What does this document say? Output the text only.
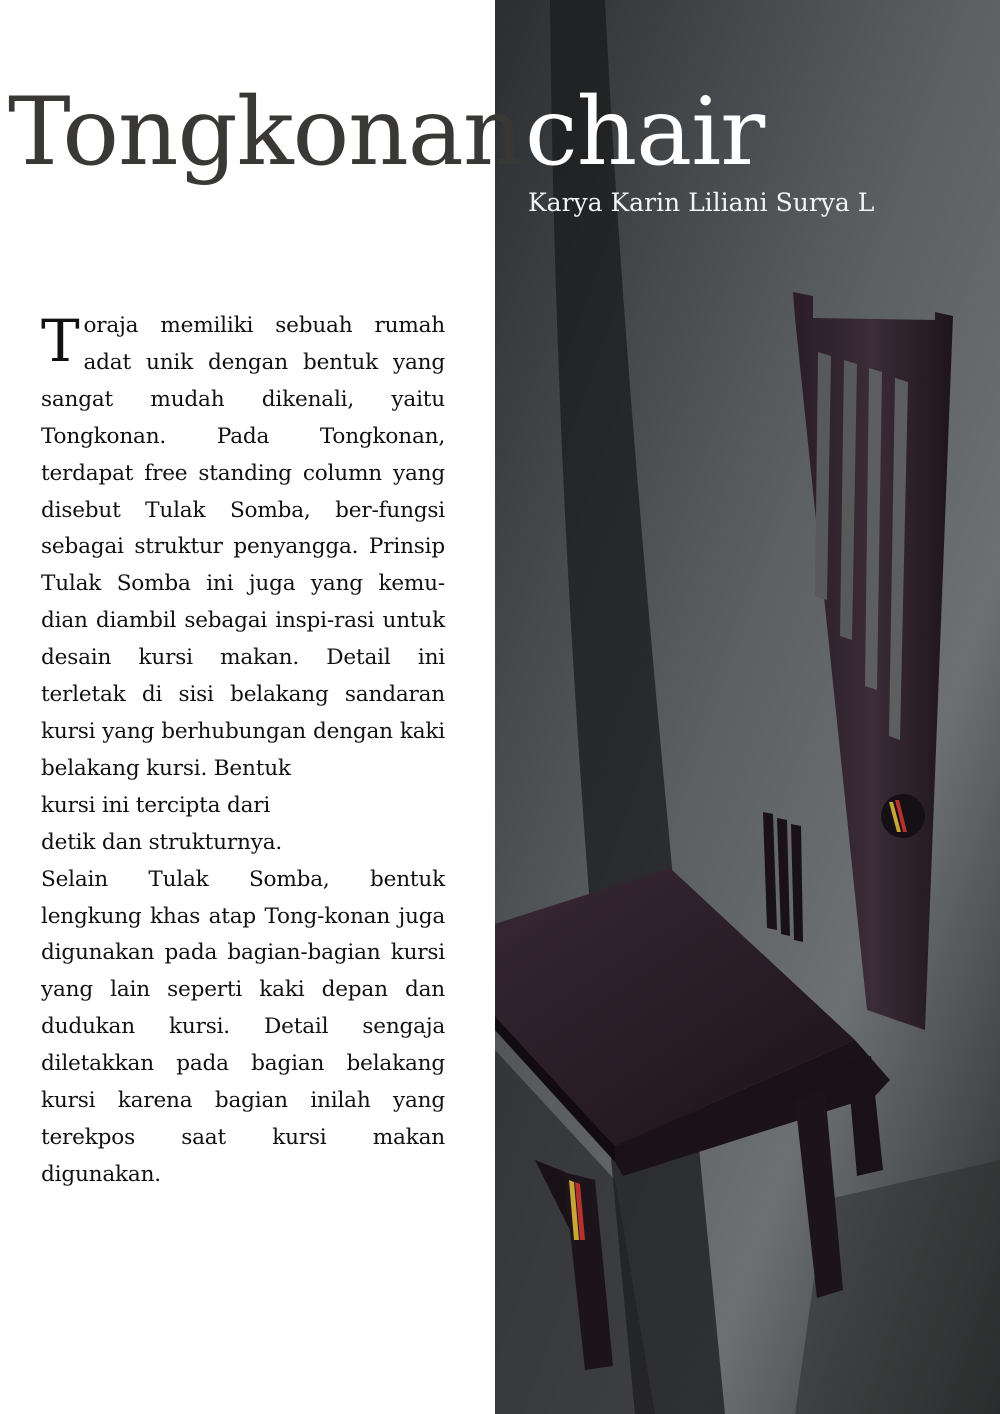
Tongkonan chair
Karya Karin Liliani Surya L

Toraja memiliki sebuah rumah adat unik dengan bentuk yang sangat mudah dikenali, yaitu Tongkonan. Pada Tongkonan, terdapat free standing column yang disebut Tulak Somba, ber-fungsi sebagai struktur penyangga. Prinsip Tulak Somba ini juga yang kemu-dian diambil sebagai inspi-rasi untuk desain kursi makan. Detail ini terletak di sisi belakang sandaran kursi yang berhubungan dengan kaki belakang kursi. Bentuk
kursi ini tercipta dari
detik dan strukturnya.

Selain Tulak Somba, bentuk lengkung khas atap Tong-konan juga digunakan pada bagian-bagian kursi yang lain seperti kaki depan dan dudukan kursi. Detail sengaja diletakkan pada bagian belakang kursi karena bagian inilah yang terekpos saat kursi makan digunakan.
